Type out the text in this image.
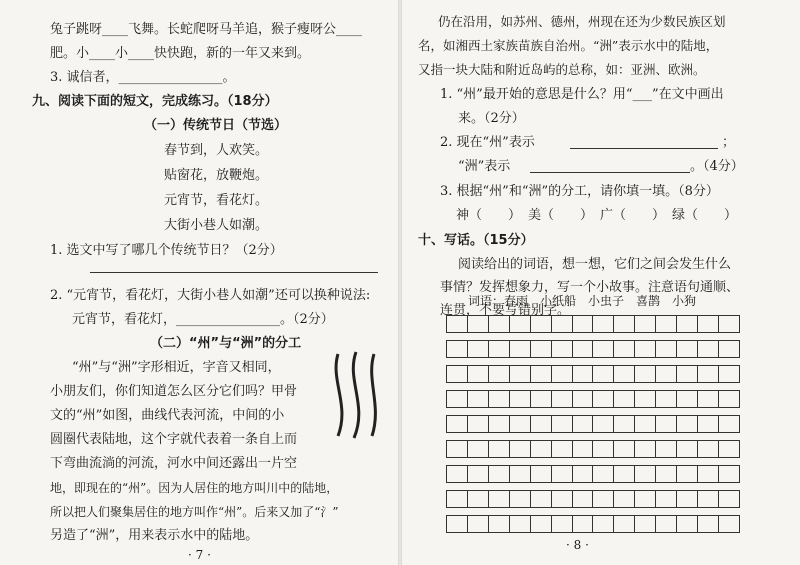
兔子跳呀____飞舞。长蛇爬呀马羊追，猴子瘦呀公____
肥。小____小____快快跑，新的一年又来到。
3. 诚信者，________________。
九、阅读下面的短文，完成练习。（18分）
（一）传统节日（节选）
春节到，人欢笑。
贴窗花，放鞭炮。
元宵节，看花灯。
大街小巷人如潮。
1. 选文中写了哪几个传统节日？（2分）
2. “元宵节，看花灯，大街小巷人如潮”还可以换种说法:
元宵节，看花灯，________________。（2分）
（二）“州”与“洲”的分工
“州”与“洲”字形相近，字音又相同，
小朋友们，你们知道怎么区分它们吗？甲骨
文的“州”如图，曲线代表河流，中间的小
圆圈代表陆地，这个字就代表着一条自上而
下弯曲流淌的河流，河水中间还露出一片空
地，即现在的“州”。因为人居住的地方叫川中的陆地，
所以把人们聚集居住的地方叫作“州”。后来又加了“氵”
另造了“洲”，用来表示水中的陆地。
· 7 ·
仍在沿用，如苏州、德州，州现在还为少数民族区划
名，如湘西土家族苗族自治州。“洲”表示水中的陆地，
又指一块大陆和附近岛屿的总称，如：亚洲、欧洲。
1. “州”最开始的意思是什么？用“___”在文中画出
来。（2分）
2. 现在“州”表示	；
“洲”表示	。（4分）
3. 根据“州”和“洲”的分工，请你填一填。（8分）
神（　　） 美（　　） 广（　　） 绿（　　）
十、写话。（15分）
阅读给出的词语，想一想，它们之间会发生什么
事情？发挥想象力，写一个小故事。注意语句通顺、
连贯，不要写错别字。
· 8 ·
词语：春雨　小纸船　小虫子　喜鹊　小狗
